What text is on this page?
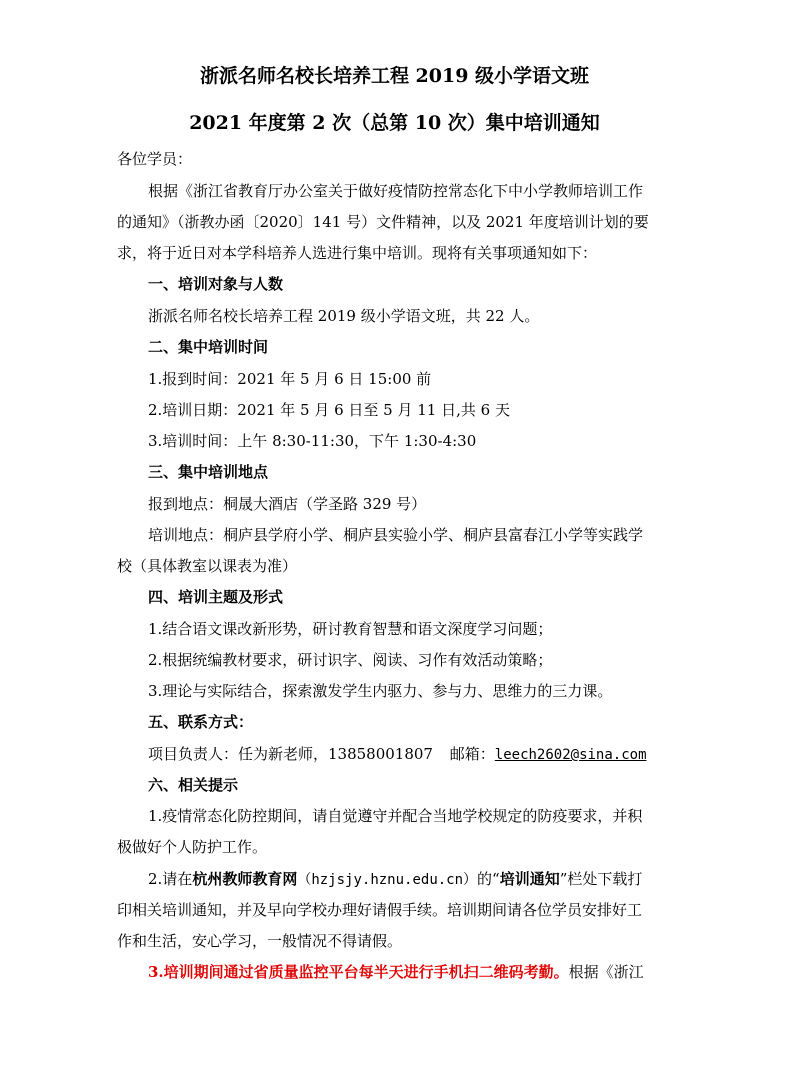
浙派名师名校长培养工程 2019 级小学语文班
2021 年度第 2 次（总第 10 次）集中培训通知
各位学员：
根据《浙江省教育厅办公室关于做好疫情防控常态化下中小学教师培训工作
的通知》（浙教办函〔2020〕141 号）文件精神，以及 2021 年度培训计划的要
求，将于近日对本学科培养人选进行集中培训。现将有关事项通知如下：
一、培训对象与人数
浙派名师名校长培养工程 2019 级小学语文班，共 22 人。
二、集中培训时间
1.报到时间：2021 年 5 月 6 日 15:00 前
2.培训日期：2021 年 5 月 6 日至 5 月 11 日,共 6 天
3.培训时间：上午 8:30-11:30，下午 1:30-4:30
三、集中培训地点
报到地点：桐晟大酒店（学圣路 329 号）
培训地点：桐庐县学府小学、桐庐县实验小学、桐庐县富春江小学等实践学
校（具体教室以课表为准）
四、培训主题及形式
1.结合语文课改新形势，研讨教育智慧和语文深度学习问题；
2.根据统编教材要求，研讨识字、阅读、习作有效活动策略；
3.理论与实际结合，探索激发学生内驱力、参与力、思维力的三力课。
五、联系方式：
项目负责人：任为新老师，13858001807 邮箱：leech2602@sina.com
六、相关提示
1.疫情常态化防控期间，请自觉遵守并配合当地学校规定的防疫要求，并积
极做好个人防护工作。
2.请在杭州教师教育网（hzjsjy.hznu.edu.cn）的“培训通知”栏处下载打
印相关培训通知，并及早向学校办理好请假手续。培训期间请各位学员安排好工
作和生活，安心学习，一般情况不得请假。
3.培训期间通过省质量监控平台每半天进行手机扫二维码考勤。根据《浙江
